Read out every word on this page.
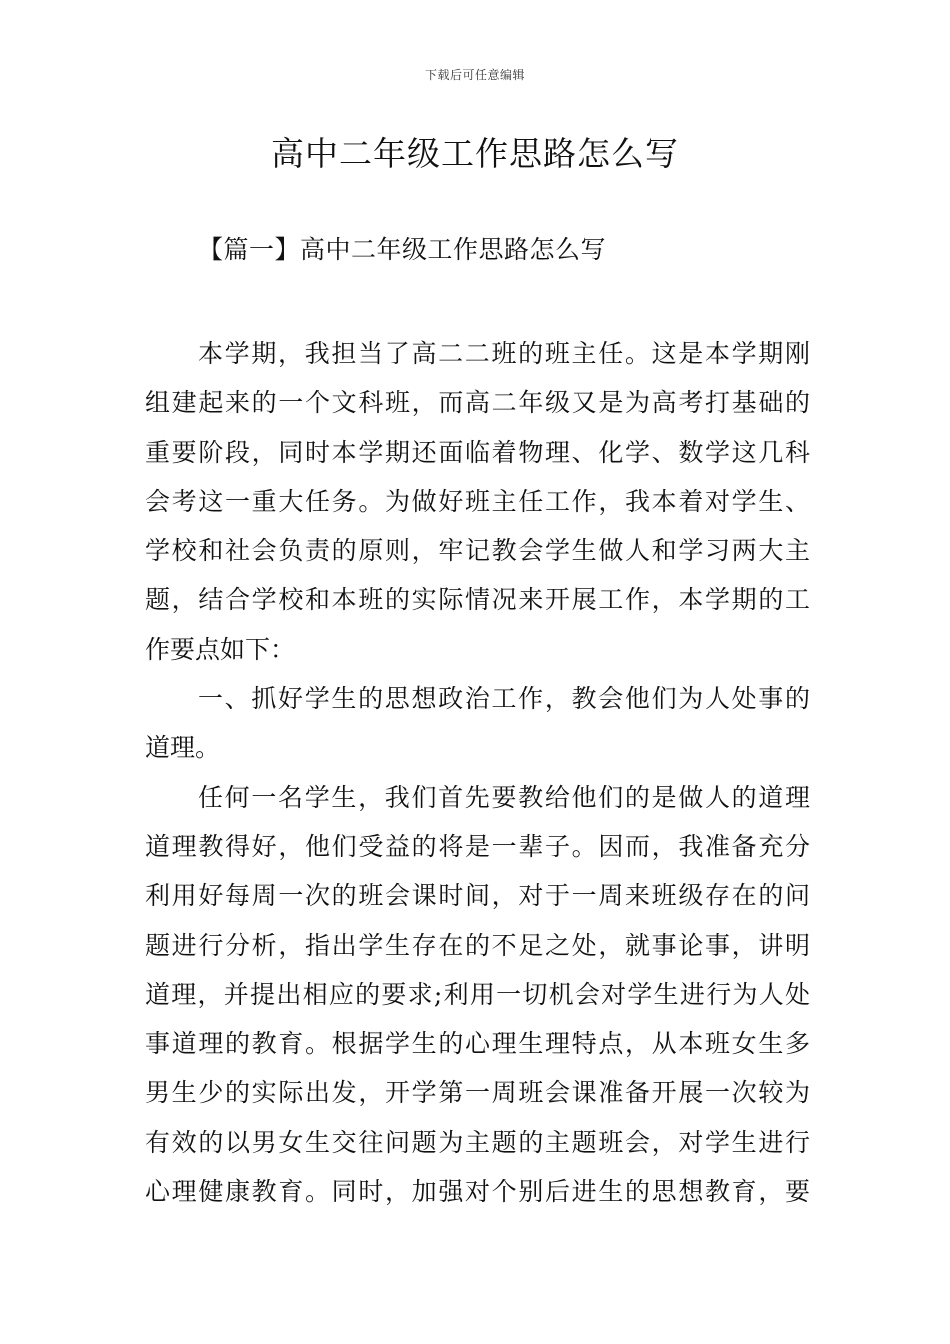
下载后可任意编辑
高中二年级工作思路怎么写
【篇一】高中二年级工作思路怎么写
本学期，我担当了高二二班的班主任。这是本学期刚
组建起来的一个文科班，而高二年级又是为高考打基础的
重要阶段，同时本学期还面临着物理、化学、数学这几科
会考这一重大任务。为做好班主任工作，我本着对学生、
学校和社会负责的原则，牢记教会学生做人和学习两大主
题，结合学校和本班的实际情况来开展工作，本学期的工
作要点如下：
一、抓好学生的思想政治工作，教会他们为人处事的
道理。
任何一名学生，我们首先要教给他们的是做人的道理
道理教得好，他们受益的将是一辈子。因而，我准备充分
利用好每周一次的班会课时间，对于一周来班级存在的问
题进行分析，指出学生存在的不足之处，就事论事，讲明
道理，并提出相应的要求;利用一切机会对学生进行为人处
事道理的教育。根据学生的心理生理特点，从本班女生多
男生少的实际出发，开学第一周班会课准备开展一次较为
有效的以男女生交往问题为主题的主题班会，对学生进行
心理健康教育。同时，加强对个别后进生的思想教育，要
